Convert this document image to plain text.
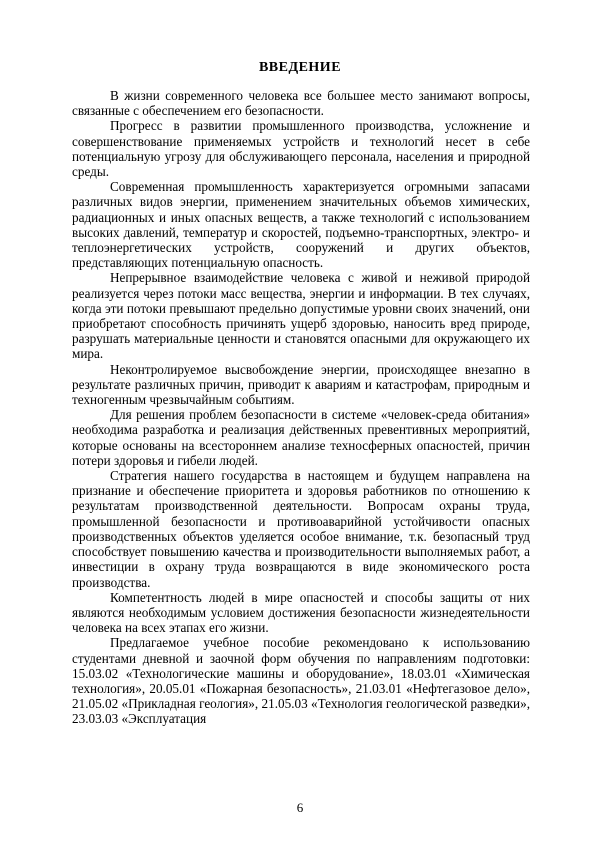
ВВЕДЕНИЕ

В жизни современного человека все большее место занимают вопросы, связанные с обеспечением его безопасности.

Прогресс в развитии промышленного производства, усложнение и совершенствование применяемых устройств и технологий несет в себе потенциальную угрозу для обслуживающего персонала, населения и природной среды.

Современная промышленность характеризуется огромными запасами различных видов энергии, применением значительных объемов химических, радиационных и иных опасных веществ, а также технологий с использованием высоких давлений, температур и скоростей, подъемно-транспортных, электро- и теплоэнергетических устройств, сооружений и других объектов, представляющих потенциальную опасность.

Непрерывное взаимодействие человека с живой и неживой природой реализуется через потоки масс вещества, энергии и информации. В тех случаях, когда эти потоки превышают предельно допустимые уровни своих значений, они приобретают способность причинять ущерб здоровью, наносить вред природе, разрушать материальные ценности и становятся опасными для окружающего их мира.

Неконтролируемое высвобождение энергии, происходящее внезапно в результате различных причин, приводит к авариям и катастрофам, природным и техногенным чрезвычайным событиям.

Для решения проблем безопасности в системе «человек-среда обитания» необходима разработка и реализация действенных превентивных мероприятий, которые основаны на всестороннем анализе техносферных опасностей, причин потери здоровья и гибели людей.

Стратегия нашего государства в настоящем и будущем направлена на признание и обеспечение приоритета и здоровья работников по отношению к результатам производственной деятельности. Вопросам охраны труда, промышленной безопасности и противоаварийной устойчивости опасных производственных объектов уделяется особое внимание, т.к. безопасный труд способствует повышению качества и производительности выполняемых работ, а инвестиции в охрану труда возвращаются в виде экономического роста производства.

Компетентность людей в мире опасностей и способы защиты от них являются необходимым условием достижения безопасности жизнедеятельности человека на всех этапах его жизни.

Предлагаемое учебное пособие рекомендовано к использованию студентами дневной и заочной форм обучения по направлениям подготовки: 15.03.02 «Технологические машины и оборудование», 18.03.01 «Химическая технология», 20.05.01 «Пожарная безопасность», 21.03.01 «Нефтегазовое дело», 21.05.02 «Прикладная геология», 21.05.03 «Технология геологической разведки», 23.03.03 «Эксплуатация

6
